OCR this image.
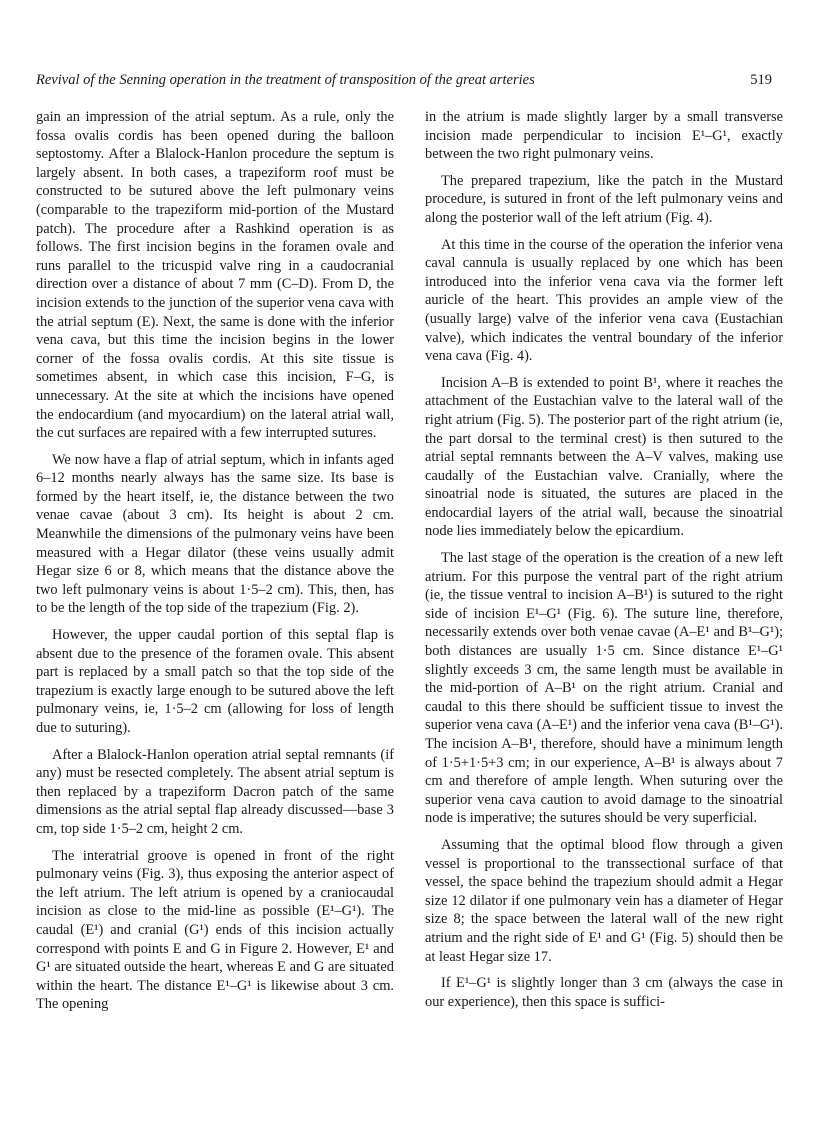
Revival of the Senning operation in the treatment of transposition of the great arteries	519

gain an impression of the atrial septum. As a rule, only the fossa ovalis cordis has been opened during the balloon septostomy. After a Blalock-Hanlon procedure the septum is largely absent. In both cases, a trapeziform roof must be constructed to be sutured above the left pulmonary veins (comparable to the trapeziform mid-portion of the Mustard patch). The procedure after a Rashkind operation is as follows. The first incision begins in the foramen ovale and runs parallel to the tricuspid valve ring in a caudocranial direction over a distance of about 7 mm (C–D). From D, the incision extends to the junction of the superior vena cava with the atrial septum (E). Next, the same is done with the inferior vena cava, but this time the incision begins in the lower corner of the fossa ovalis cordis. At this site tissue is sometimes absent, in which case this incision, F–G, is unnecessary. At the site at which the incisions have opened the endocardium (and myocardium) on the lateral atrial wall, the cut surfaces are repaired with a few interrupted sutures.

We now have a flap of atrial septum, which in infants aged 6–12 months nearly always has the same size. Its base is formed by the heart itself, ie, the distance between the two venae cavae (about 3 cm). Its height is about 2 cm. Meanwhile the dimensions of the pulmonary veins have been measured with a Hegar dilator (these veins usually admit Hegar size 6 or 8, which means that the distance above the two left pulmonary veins is about 1·5–2 cm). This, then, has to be the length of the top side of the trapezium (Fig. 2).

However, the upper caudal portion of this septal flap is absent due to the presence of the foramen ovale. This absent part is replaced by a small patch so that the top side of the trapezium is exactly large enough to be sutured above the left pulmonary veins, ie, 1·5–2 cm (allowing for loss of length due to suturing).

After a Blalock-Hanlon operation atrial septal remnants (if any) must be resected completely. The absent atrial septum is then replaced by a trapeziform Dacron patch of the same dimensions as the atrial septal flap already discussed—base 3 cm, top side 1·5–2 cm, height 2 cm.

The interatrial groove is opened in front of the right pulmonary veins (Fig. 3), thus exposing the anterior aspect of the left atrium. The left atrium is opened by a craniocaudal incision as close to the mid-line as possible (E¹–G¹). The caudal (E¹) and cranial (G¹) ends of this incision actually correspond with points E and G in Figure 2. However, E¹ and G¹ are situated outside the heart, whereas E and G are situated within the heart. The distance E¹–G¹ is likewise about 3 cm. The opening

in the atrium is made slightly larger by a small transverse incision made perpendicular to incision E¹–G¹, exactly between the two right pulmonary veins.

The prepared trapezium, like the patch in the Mustard procedure, is sutured in front of the left pulmonary veins and along the posterior wall of the left atrium (Fig. 4).

At this time in the course of the operation the inferior vena caval cannula is usually replaced by one which has been introduced into the inferior vena cava via the former left auricle of the heart. This provides an ample view of the (usually large) valve of the inferior vena cava (Eustachian valve), which indicates the ventral boundary of the inferior vena cava (Fig. 4).

Incision A–B is extended to point B¹, where it reaches the attachment of the Eustachian valve to the lateral wall of the right atrium (Fig. 5). The posterior part of the right atrium (ie, the part dorsal to the terminal crest) is then sutured to the atrial septal remnants between the A–V valves, making use caudally of the Eustachian valve. Cranially, where the sinoatrial node is situated, the sutures are placed in the endocardial layers of the atrial wall, because the sinoatrial node lies immediately below the epicardium.

The last stage of the operation is the creation of a new left atrium. For this purpose the ventral part of the right atrium (ie, the tissue ventral to incision A–B¹) is sutured to the right side of incision E¹–G¹ (Fig. 6). The suture line, therefore, necessarily extends over both venae cavae (A–E¹ and B¹–G¹); both distances are usually 1·5 cm. Since distance E¹–G¹ slightly exceeds 3 cm, the same length must be available in the mid-portion of A–B¹ on the right atrium. Cranial and caudal to this there should be sufficient tissue to invest the superior vena cava (A–E¹) and the inferior vena cava (B¹–G¹). The incision A–B¹, therefore, should have a minimum length of 1·5+1·5+3 cm; in our experience, A–B¹ is always about 7 cm and therefore of ample length. When suturing over the superior vena cava caution to avoid damage to the sinoatrial node is imperative; the sutures should be very superficial.

Assuming that the optimal blood flow through a given vessel is proportional to the transsectional surface of that vessel, the space behind the trapezium should admit a Hegar size 12 dilator if one pulmonary vein has a diameter of Hegar size 8; the space between the lateral wall of the new right atrium and the right side of E¹ and G¹ (Fig. 5) should then be at least Hegar size 17.

If E¹–G¹ is slightly longer than 3 cm (always the case in our experience), then this space is suffici-
